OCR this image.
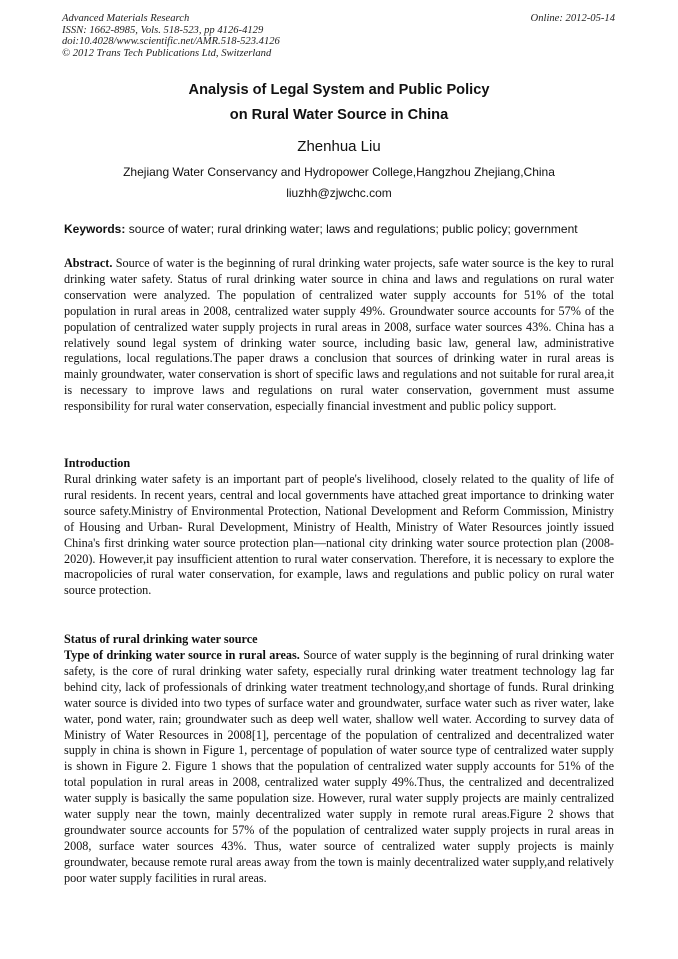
Advanced Materials Research
ISSN: 1662-8985, Vols. 518-523, pp 4126-4129
doi:10.4028/www.scientific.net/AMR.518-523.4126
© 2012 Trans Tech Publications Ltd, Switzerland
Online: 2012-05-14
Analysis of Legal System and Public Policy
on Rural Water Source in China
Zhenhua Liu
Zhejiang Water Conservancy and Hydropower College,Hangzhou Zhejiang,China
liuzhh@zjwchc.com
Keywords: source of water; rural drinking water; laws and regulations; public policy; government

Abstract. Source of water is the beginning of rural drinking water projects, safe water source is the key to rural drinking water safety. Status of rural drinking water source in china and laws and regulations on rural water conservation were analyzed. The population of centralized water supply accounts for 51% of the total population in rural areas in 2008, centralized water supply 49%. Groundwater source accounts for 57% of the population of centralized water supply projects in rural areas in 2008, surface water sources 43%. China has a relatively sound legal system of drinking water source, including basic law, general law, administrative regulations, local regulations.The paper draws a conclusion that sources of drinking water in rural areas is mainly groundwater, water conservation is short of specific laws and regulations and not suitable for rural area,it is necessary to improve laws and regulations on rural water conservation, government must assume responsibility for rural water conservation, especially financial investment and public policy support.

Introduction

Rural drinking water safety is an important part of people's livelihood, closely related to the quality of life of rural residents. In recent years, central and local governments have attached great importance to drinking water source safety.Ministry of Environmental Protection, National Development and Reform Commission, Ministry of Housing and Urban- Rural Development, Ministry of Health, Ministry of Water Resources jointly issued China's first drinking water source protection plan—national city drinking water source protection plan (2008-2020). However,it pay insufficient attention to rural water conservation. Therefore, it is necessary to explore the macropolicies of rural water conservation, for example, laws and regulations and public policy on rural water source protection.

Status of rural drinking water source

Type of drinking water source in rural areas. Source of water supply is the beginning of rural drinking water safety, is the core of rural drinking water safety, especially rural drinking water treatment technology lag far behind city, lack of professionals of drinking water treatment technology,and shortage of funds. Rural drinking water source is divided into two types of surface water and groundwater, surface water such as river water, lake water, pond water, rain; groundwater such as deep well water, shallow well water. According to survey data of Ministry of Water Resources in 2008[1], percentage of the population of centralized and decentralized water supply in china is shown in Figure 1, percentage of population of water source type of centralized water supply is shown in Figure 2. Figure 1 shows that the population of centralized water supply accounts for 51% of the total population in rural areas in 2008, centralized water supply 49%.Thus, the centralized and decentralized water supply is basically the same population size. However, rural water supply projects are mainly centralized water supply near the town, mainly decentralized water supply in remote rural areas.Figure 2 shows that groundwater source accounts for 57% of the population of centralized water supply projects in rural areas in 2008, surface water sources 43%. Thus, water source of centralized water supply projects is mainly groundwater, because remote rural areas away from the town is mainly decentralized water supply,and relatively poor water supply facilities in rural areas.
